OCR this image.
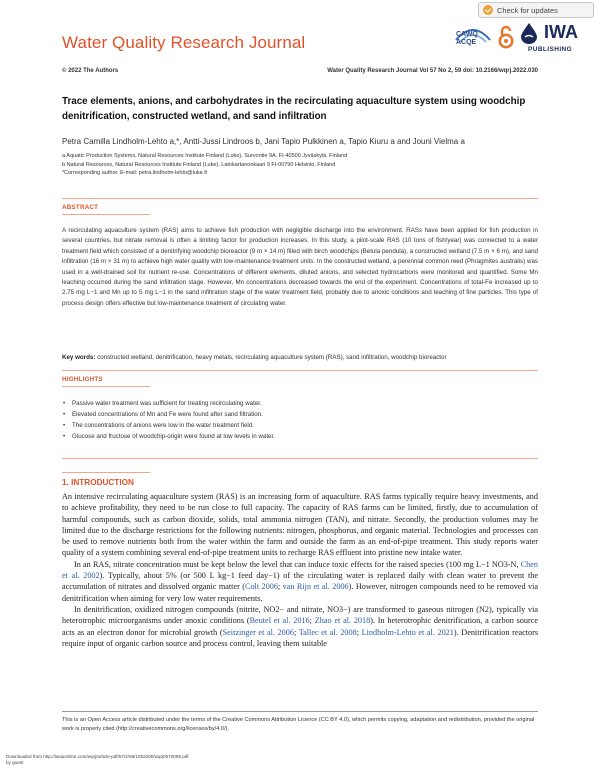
Water Quality Research Journal
Check for updates
CAWQ
ACQE
IWA
PUBLISHING
© 2022 The Authors	Water Quality Research Journal Vol 57 No 2, 59 doi: 10.2166/wqrj.2022.030
Trace elements, anions, and carbohydrates in the recirculating aquaculture system using woodchip denitrification, constructed wetland, and sand infiltration
Petra Camilla Lindholm-Lehto a,*, Antti-Jussi Lindroos b, Jani Tapio Pulkkinen a, Tapio Kiuru a and Jouni Vielma a
a Aquatic Production Systems, Natural Resources Institute Finland (Luke), Survontie 9A, FI-40500 Jyväskylä, Finland
b Natural Resources, Natural Resources Institute Finland (Luke), Latokartanonkaari 9 FI-00790 Helsinki, Finland
*Corresponding author. E-mail: petra.lindholm-lehto@luke.fi
ABSTRACT
A recirculating aquaculture system (RAS) aims to achieve fish production with negligible discharge into the environment. RASs have been applied for fish production in several countries, but nitrate removal is often a limiting factor for production increases. In this study, a pilot-scale RAS (10 tons of fish/year) was connected to a water treatment field which consisted of a denitrifying woodchip bioreactor (9 m × 14 m) filled with birch woodchips (Betula pendula), a constructed wetland (7.5 m × 6 m), and sand infiltration (16 m × 31 m) to achieve high water quality with low-maintenance treatment units. In the constructed wetland, a perennial common reed (Phragmites australis) was used in a well-drained soil for nutrient re-use. Concentrations of different elements, diluted anions, and selected hydrocarbons were monitored and quantified. Some Mn leaching occurred during the sand infiltration stage. However, Mn concentrations decreased towards the end of the experiment. Concentrations of total-Fe increased up to 2.75 mg L−1 and Mn up to 5 mg L−1 in the sand infiltration stage of the water treatment field, probably due to anoxic conditions and leaching of fine particles. This type of process design offers effective but low-maintenance treatment of circulating water.
Key words: constructed wetland, denitrification, heavy metals, recirculating aquaculture system (RAS), sand infiltration, woodchip bioreactor
HIGHLIGHTS
• Passive water treatment was sufficient for treating recirculating water.
• Elevated concentrations of Mn and Fe were found after sand filtration.
• The concentrations of anions were low in the water treatment field.
• Glucose and fructose of woodchip-origin were found at low levels in water.
1. INTRODUCTION

An intensive recirculating aquaculture system (RAS) is an increasing form of aquaculture. RAS farms typically require heavy investments, and to achieve profitability, they need to be run close to full capacity. The capacity of RAS farms can be limited, firstly, due to accumulation of harmful compounds, such as carbon dioxide, solids, total ammonia nitrogen (TAN), and nitrate. Secondly, the production volumes may be limited due to the discharge restrictions for the following nutrients: nitrogen, phosphorus, and organic material. Technologies and processes can be used to remove nutrients both from the water within the farm and outside the farm as an end-of-pipe treatment. This study reports water quality of a system combining several end-of-pipe treatment units to recharge RAS effluent into pristine new intake water.

In an RAS, nitrate concentration must be kept below the level that can induce toxic effects for the raised species (100 mg L−1 NO3-N, Chen et al. 2002). Typically, about 5% (or 500 L kg−1 feed day−1) of the circulating water is replaced daily with clean water to prevent the accumulation of nitrates and dissolved organic matter (Colt 2006; van Rijn et al. 2006). However, nitrogen compounds need to be removed via denitrification when aiming for very low water requirements.

In denitrification, oxidized nitrogen compounds (nitrite, NO2− and nitrate, NO3−) are transformed to gaseous nitrogen (N2), typically via heterotrophic microorganisms under anoxic conditions (Beutel et al. 2016; Zhao et al. 2018). In heterotrophic denitrification, a carbon source acts as an electron donor for microbial growth (Seitzinger et al. 2006; Tallec et al. 2008; Lindholm-Lehto et al. 2021). Denitrification reactors require input of organic carbon source and process control, leaving them suitable

This is an Open Access article distributed under the terms of the Creative Commons Attribution Licence (CC BY 4.0), which permits copying, adaptation and redistribution, provided the original work is properly cited (http://creativecommons.org/licenses/by/4.0/).
Downloaded from http://iwaponline.com/wqrj/article-pdf/57/2/59/1052200/wqrj0570059.pdf
by guest
